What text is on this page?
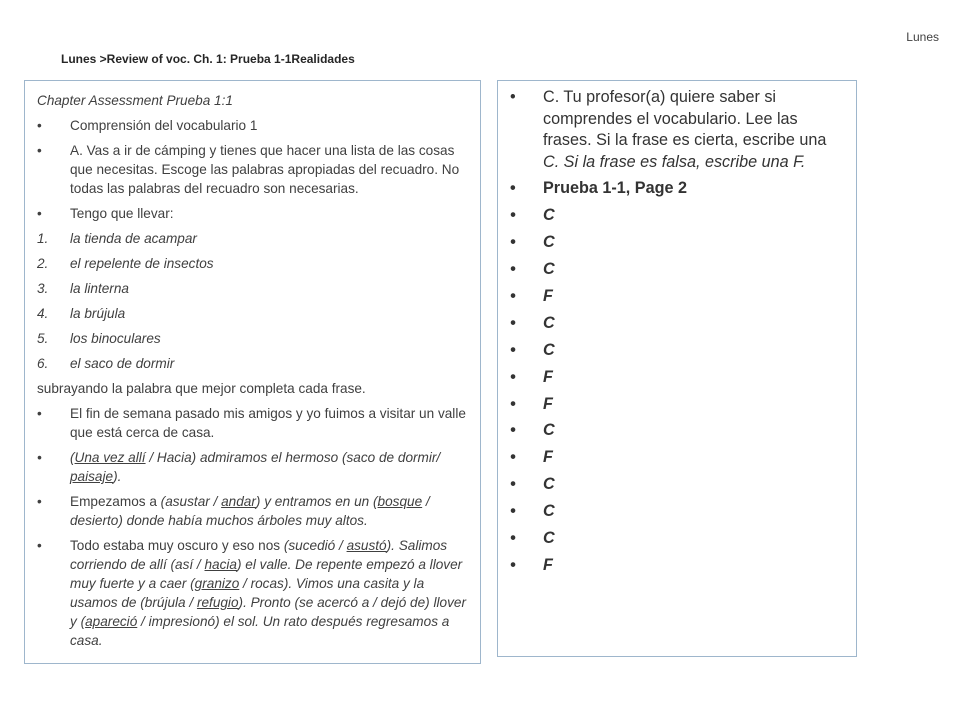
Lunes
Lunes >Review of voc. Ch. 1: Prueba 1-1Realidades
Chapter Assessment Prueba 1:1
• Comprensión del vocabulario 1
• A. Vas a ir de cámping y tienes que hacer una lista de las cosas que necesitas. Escoge las palabras apropiadas del recuadro. No todas las palabras del recuadro son necesarias.
• Tengo que llevar:
1. la tienda de acampar
2. el repelente de insectos
3. la linterna
4. la brújula
5. los binoculares
6. el saco de dormir
subrayando la palabra que mejor completa cada frase.
• El fin de semana pasado mis amigos y yo fuimos a visitar un valle que está cerca de casa.
• (Una vez allí / Hacia) admiramos el hermoso (saco de dormir/ paisaje).
• Empezamos a (asustar / andar) y entramos en un (bosque / desierto) donde había muchos árboles muy altos.
• Todo estaba muy oscuro y eso nos (sucedió / asustó). Salimos corriendo de allí (así / hacia) el valle. De repente empezó a llover muy fuerte y a caer (granizo / rocas). Vimos una casita y la usamos de (brújula / refugio). Pronto (se acercó a / dejó de) llover y (apareció / impresionó) el sol. Un rato después regresamos a casa.
• C. Tu profesor(a) quiere saber si comprendes el vocabulario. Lee las frases. Si la frase es cierta, escribe una C. Si la frase es falsa, escribe una F.
• Prueba 1-1, Page 2
• C
• C
• C
• F
• C
• C
• F
• F
• C
• F
• C
• C
• C
• F
